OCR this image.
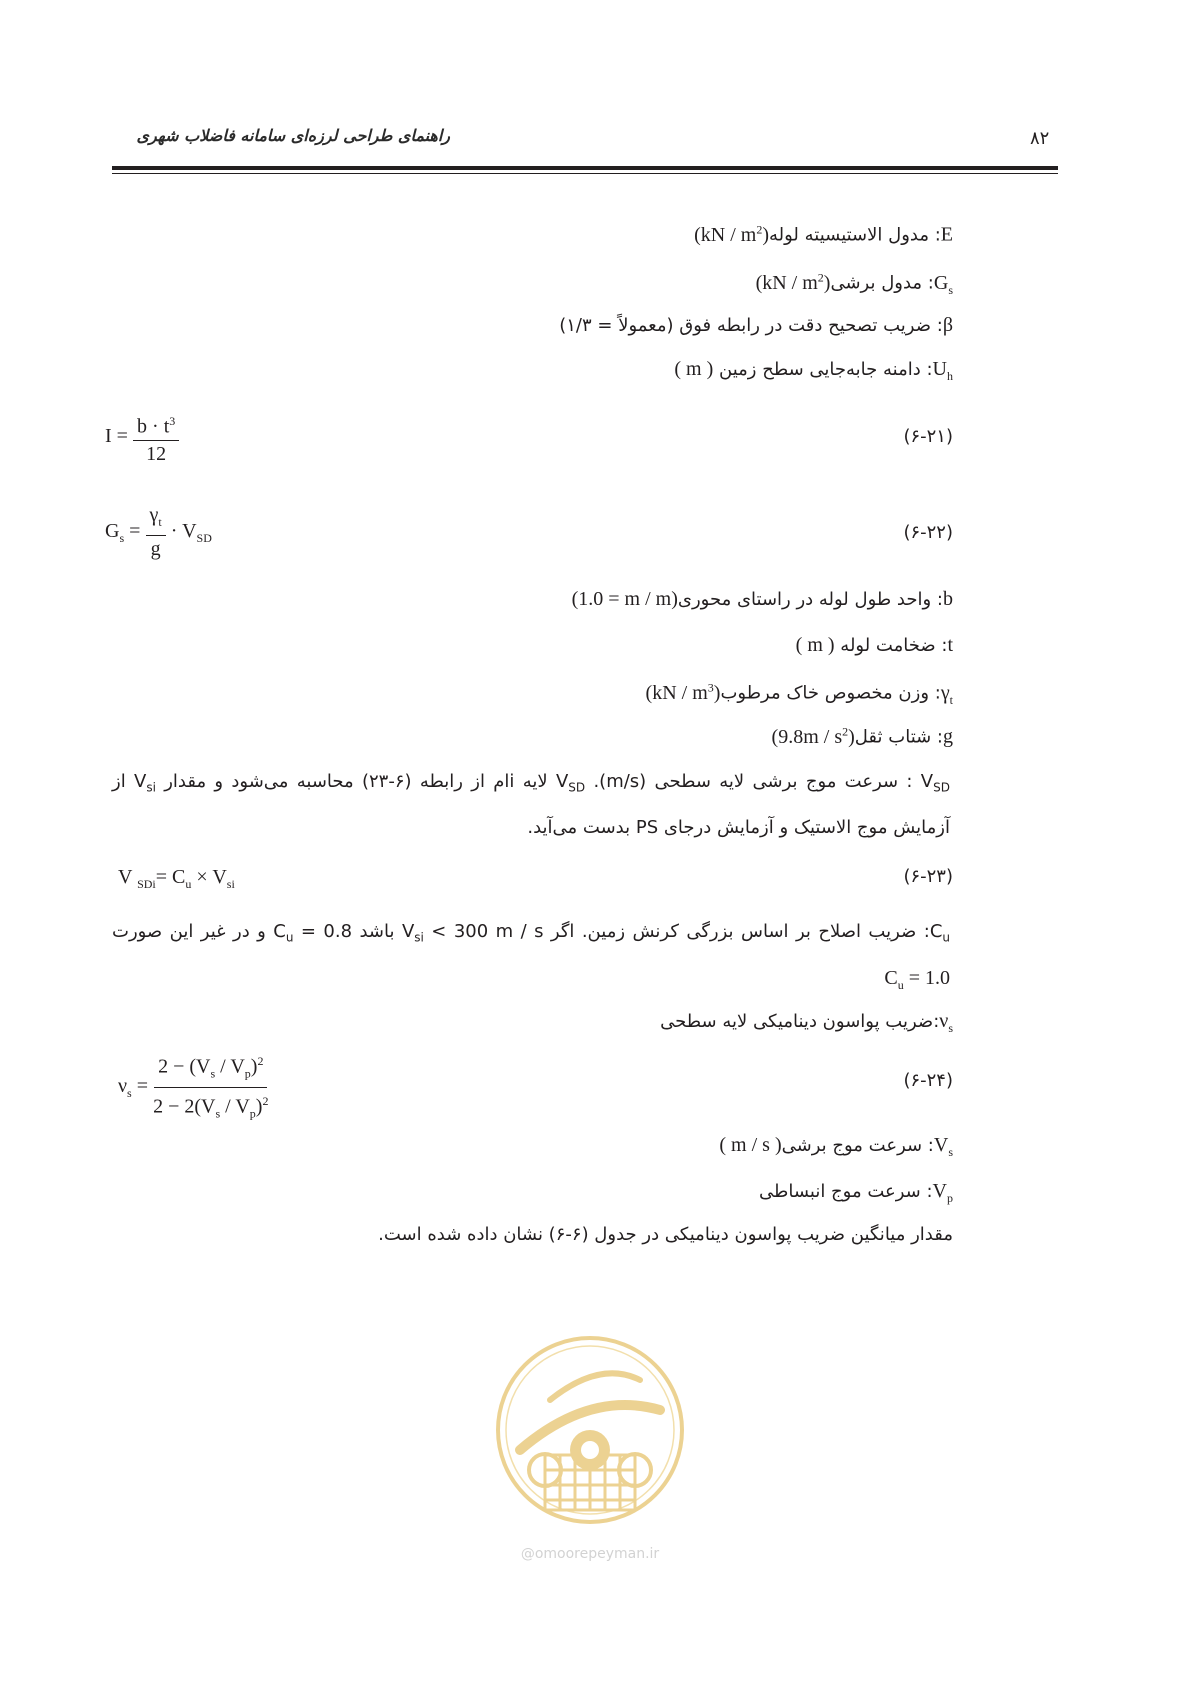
راهنمای طراحی لرزه‌ای سامانه فاضلاب شهری	۸۲
E: مدول الاستیسیته لوله(kN / $m^2$)
$G_s$: مدول برشی(kN / $m^2$)
β: ضریب تصحیح دقت در رابطه فوق (معمولاً = ۱/۳)
$U_h$: دامنه جابه‌جایی سطح زمین ( m )
$I = \frac{b \cdot t^3}{12}$	(۶-۲۱)
$G_s = \frac{\gamma_t}{g} \cdot V_{SD}$	(۶-۲۲)
b: واحد طول لوله در راستای محوری(1.0 = m / m)
t: ضخامت لوله ( m )
$\gamma_t$: وزن مخصوص خاک مرطوب(kN / $m^3$)
g: شتاب ثقل(9.8m / $s^2$)
$V_{SD}$ : سرعت موج برشی لایه سطحی (m/s). $V_{SD}$ لایه iام از رابطه (۶-۲۳) محاسبه می‌شود و مقدار $V_{si}$ از
آزمایش موج الاستیک و آزمایش درجای PS بدست می‌آید.
V $_{SDi}= C_u \times V_{si}$	(۶-۲۳)
$C_u$: ضریب اصلاح بر اساس بزرگی کرنش زمین. اگر $V_{si} < 300$ m / s باشد $C_u = 0.8$ و در غیر این صورت
$C_u = 1.0$
$\nu_s:ضریب$ پواسون دینامیکی لایه سطحی
$\nu_s = \frac{2 - (V_s / V_p)^2}{2 - 2(V_s / V_p)^2}$	(۶-۲۴)
$V_s$: سرعت موج برشی( m / s )
$V_p$: سرعت موج انبساطی
مقدار میانگین ضریب پواسون دینامیکی در جدول (۶-۶) نشان داده شده است.
@omoorepeyman.ir
